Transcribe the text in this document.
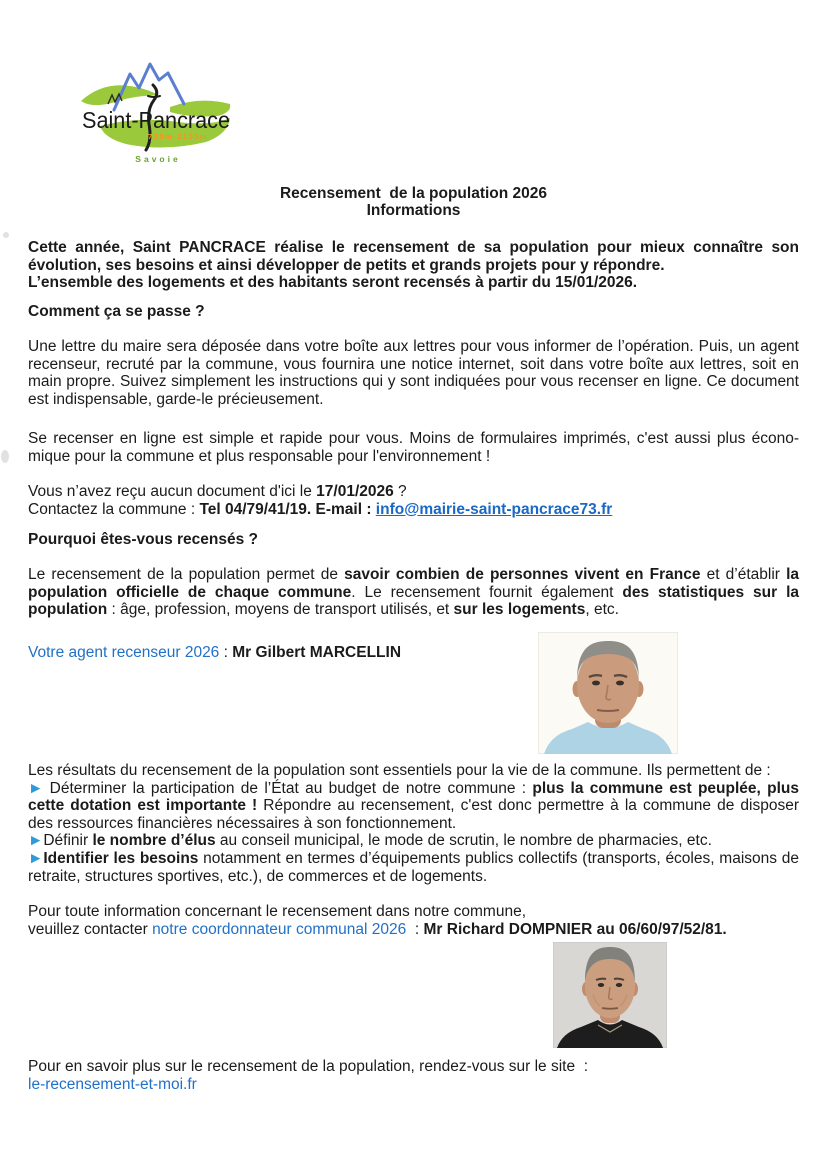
Saint-Pancrace
720m-2150m
Savoie
Recensement  de la population 2026
Informations
Cette année, Saint PANCRACE réalise le recensement de sa population pour mieux connaître son évolution, ses besoins et ainsi développer de petits et grands projets pour y répondre.
L’ensemble des logements et des habitants seront recensés à partir du 15/01/2026.
Comment ça se passe ?
Une lettre du maire sera déposée dans votre boîte aux lettres pour vous informer de l’opération. Puis, un agent recenseur, recruté par la commune, vous fournira une notice internet, soit dans votre boîte aux lettres, soit en main propre. Suivez simplement les instructions qui y sont indiquées pour vous recenser en ligne. Ce document est indispensable, garde-le précieusement.
Se recenser en ligne est simple et rapide pour vous. Moins de formulaires imprimés, c'est aussi plus économique pour la commune et plus responsable pour l'environnement !
Vous n’avez reçu aucun document d'ici le 17/01/2026 ?
Contactez la commune : Tel 04/79/41/19. E-mail : info@mairie-saint-pancrace73.fr
Pourquoi êtes-vous recensés ?
Le recensement de la population permet de savoir combien de personnes vivent en France et d’établir la population officielle de chaque commune. Le recensement fournit également des statistiques sur la population : âge, profession, moyens de transport utilisés, et sur les logements, etc.
Votre agent recenseur 2026 : Mr Gilbert MARCELLIN
Les résultats du recensement de la population sont essentiels pour la vie de la commune. Ils permettent de :
► Déterminer la participation de l’État au budget de notre commune : plus la commune est peuplée, plus cette dotation est importante ! Répondre au recensement, c'est donc permettre à la commune de disposer des ressources financières nécessaires à son fonctionnement.
►Définir le nombre d’élus au conseil municipal, le mode de scrutin, le nombre de pharmacies, etc.
►Identifier les besoins notamment en termes d’équipements publics collectifs (transports, écoles, maisons de retraite, structures sportives, etc.), de commerces et de logements.
Pour toute information concernant le recensement dans notre commune,
veuillez contacter notre coordonnateur communal 2026  : Mr Richard DOMPNIER au 06/60/97/52/81.
Pour en savoir plus sur le recensement de la population, rendez-vous sur le site  :
le-recensement-et-moi.fr
